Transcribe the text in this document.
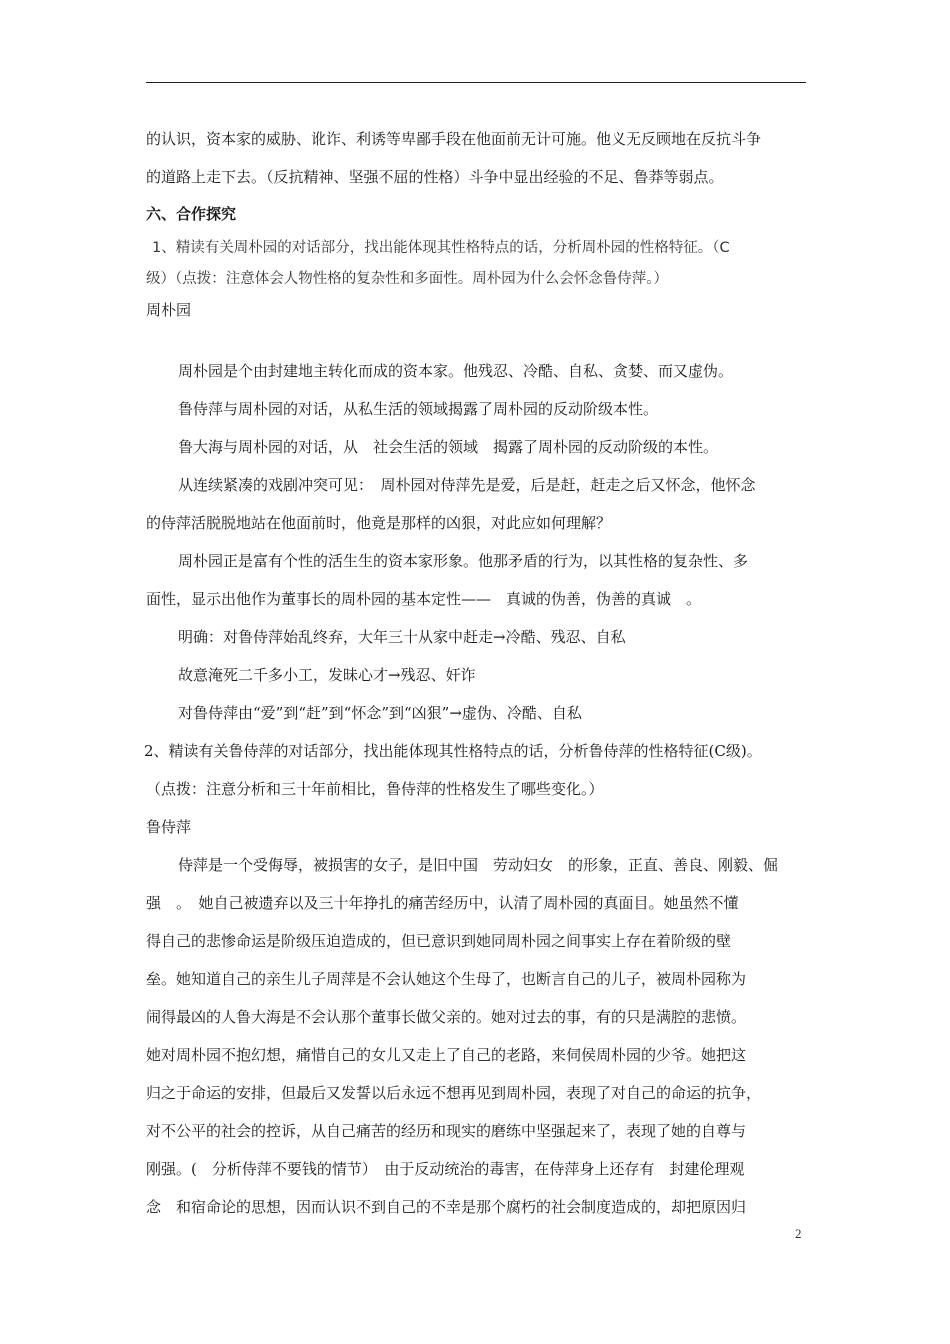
的认识，资本家的威胁、讹诈、利诱等卑鄙手段在他面前无计可施。他义无反顾地在反抗斗争
的道路上走下去。（反抗精神、坚强不屈的性格）斗争中显出经验的不足、鲁莽等弱点。
六、合作探究
1、精读有关周朴园的对话部分，找出能体现其性格特点的话，分析周朴园的性格特征。（C
级）（点拨：注意体会人物性格的复杂性和多面性。周朴园为什么会怀念鲁侍萍。）
周朴园
周朴园是个由封建地主转化而成的资本家。他残忍、冷酷、自私、贪婪、而又虚伪。
鲁侍萍与周朴园的对话，从私生活的领域揭露了周朴园的反动阶级本性。
鲁大海与周朴园的对话，从　社会生活的领域　揭露了周朴园的反动阶级的本性。
从连续紧凑的戏剧冲突可见：　周朴园对侍萍先是爱，后是赶，赶走之后又怀念，他怀念
的侍萍活脱脱地站在他面前时，他竟是那样的凶狠，对此应如何理解？
周朴园正是富有个性的活生生的资本家形象。他那矛盾的行为，以其性格的复杂性、多
面性，显示出他作为董事长的周朴园的基本定性——　真诚的伪善，伪善的真诚　。
明确：对鲁侍萍始乱终弃，大年三十从家中赶走→冷酷、残忍、自私
故意淹死二千多小工，发昧心才→残忍、奸诈
对鲁侍萍由“爱”到“赶”到“怀念”到“凶狠”→虚伪、冷酷、自私
2、精读有关鲁侍萍的对话部分，找出能体现其性格特点的话，分析鲁侍萍的性格特征(C级)。
（点拨：注意分析和三十年前相比，鲁侍萍的性格发生了哪些变化。）
鲁侍萍
侍萍是一个受侮辱，被损害的女子，是旧中国　劳动妇女　的形象，正直、善良、刚毅、倔
强　。　她自己被遗弃以及三十年挣扎的痛苦经历中，认清了周朴园的真面目。她虽然不懂
得自己的悲惨命运是阶级压迫造成的，但已意识到她同周朴园之间事实上存在着阶级的壁
垒。她知道自己的亲生儿子周萍是不会认她这个生母了，也断言自己的儿子，被周朴园称为
闹得最凶的人鲁大海是不会认那个董事长做父亲的。她对过去的事，有的只是满腔的悲愤。
她对周朴园不抱幻想，痛惜自己的女儿又走上了自己的老路，来伺侯周朴园的少爷。她把这
归之于命运的安排，但最后又发誓以后永远不想再见到周朴园，表现了对自己的命运的抗争，
对不公平的社会的控诉，从自己痛苦的经历和现实的磨练中坚强起来了，表现了她的自尊与
刚强。(　分析侍萍不要钱的情节）　由于反动统治的毒害，在侍萍身上还存有　封建伦理观
念　和宿命论的思想，因而认识不到自己的不幸是那个腐朽的社会制度造成的，却把原因归
2
